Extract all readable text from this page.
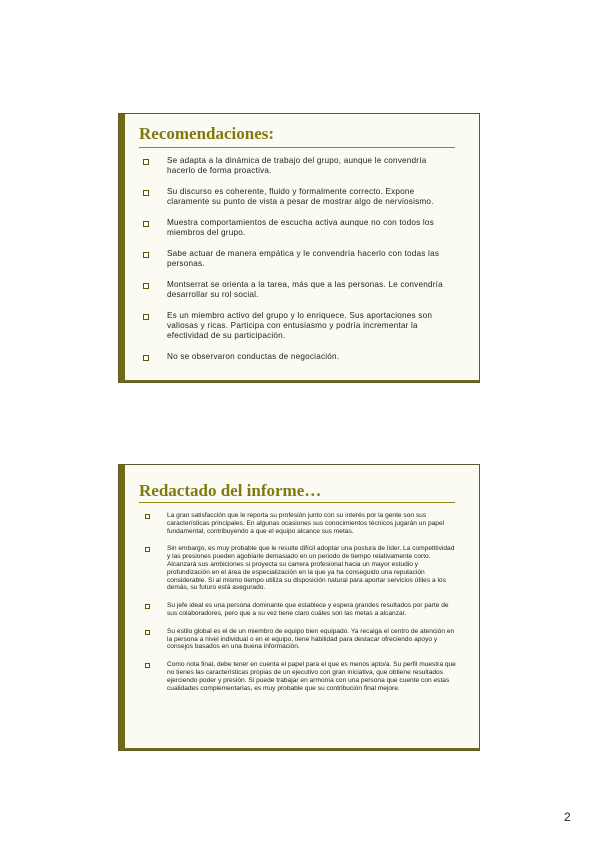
Recomendaciones:
Se adapta a la dinámica de trabajo del grupo, aunque le convendría hacerlo de forma proactiva.
Su discurso es coherente, fluido y formalmente correcto. Expone claramente su punto de vista a pesar de mostrar algo de nerviosismo.
Muestra comportamientos de escucha activa aunque no con todos los miembros del grupo.
Sabe actuar de manera empática y le convendría hacerlo con todas las personas.
Montserrat se orienta a la tarea, más que a las personas. Le convendría desarrollar su rol social.
Es un miembro activo del grupo y lo enriquece. Sus aportaciones son valiosas y ricas. Participa con entusiasmo y podría incrementar la efectividad de su participación.
No se observaron conductas de negociación.
Redactado del informe…
La gran satisfacción que le reporta su profesión junto con su interés por la gente son sus características principales. En algunas ocasiones sus conocimientos técnicos jugarán un papel fundamental, contribuyendo a que el equipo alcance sus metas.
Sin embargo, es muy probable que le resulte difícil adoptar una postura de líder. La competitividad y las presiones pueden agobiarle demasiado en un periodo de tiempo relativamente corto. Alcanzará sus ambiciones si proyecta su carrera profesional hacia un mayor estudio y profundización en el área de especialización en la que ya ha conseguido una reputación considerable. Si al mismo tiempo utiliza su disposición natural para aportar servicios útiles a los demás, su futuro está asegurado.
Su jefe ideal es una persona dominante que establece y espera grandes resultados por parte de sus colaboradores, pero que a su vez tiene claro cuáles son las metas a alcanzar.
Su estilo global es el de un miembro de equipo bien equipado. Ya recaiga el centro de atención en la persona a nivel individual o en el equipo, tiene habilidad para destacar ofreciendo apoyo y consejos basados en una buena información.
Como nota final, debe tener en cuenta el papel para el que es menos apto/a. Su perfil muestra que no tienes las características propias de un ejecutivo con gran iniciativa, que obtiene resultados ejerciendo poder y presión. Si puede trabajar en armonía con una persona que cuente con estas cualidades complementarias, es muy probable que su contribución final mejore.
2
